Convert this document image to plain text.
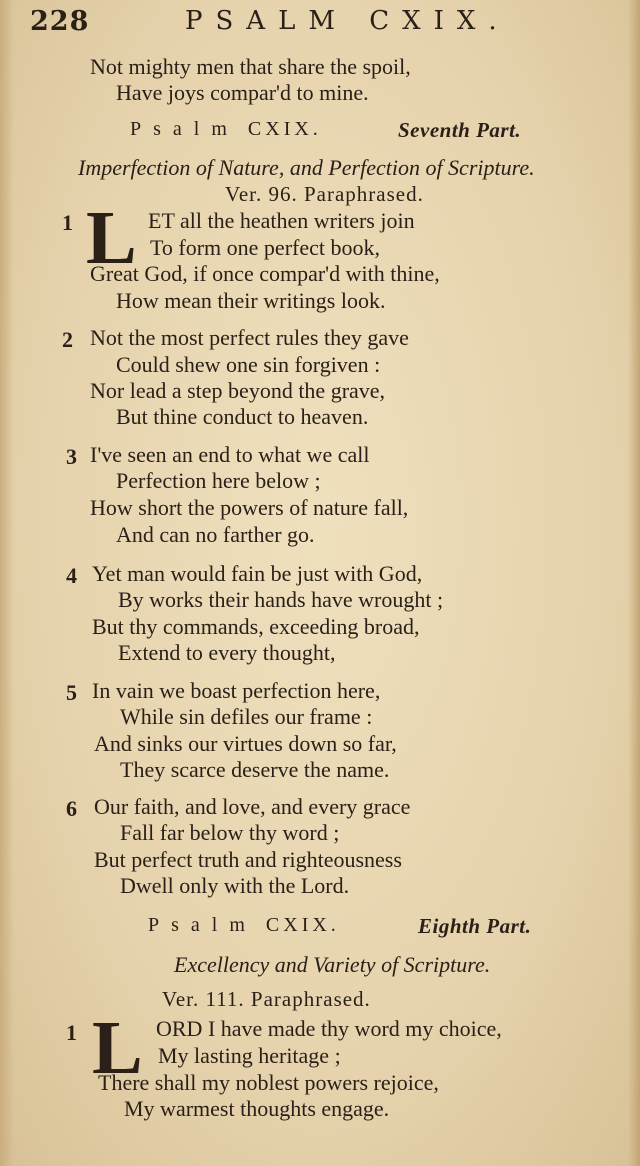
228	PSALM CXIX.
Not mighty men that share the spoil,
Have joys compar'd to mine.
Psalm CXIX.	Seventh Part.
Imperfection of Nature, and Perfection of Scripture.
Ver. 96. Paraphrased.
1 L ET all the heathen writers join
To form one perfect book,
Great God, if once compar'd with thine,
How mean their writings look.
2 Not the most perfect rules they gave
Could shew one sin forgiven :
Nor lead a step beyond the grave,
But thine conduct to heaven.
3 I've seen an end to what we call
Perfection here below ;
How short the powers of nature fall,
And can no farther go.
4 Yet man would fain be just with God,
By works their hands have wrought ;
But thy commands, exceeding broad,
Extend to every thought,
5 In vain we boast perfection here,
While sin defiles our frame :
And sinks our virtues down so far,
They scarce deserve the name.
6 Our faith, and love, and every grace
Fall far below thy word ;
But perfect truth and righteousness
Dwell only with the Lord.
Psalm CXIX.	Eighth Part.
Excellency and Variety of Scripture.
Ver. 111. Paraphrased.
1 L ORD I have made thy word my choice,
My lasting heritage ;
There shall my noblest powers rejoice,
My warmest thoughts engage.
